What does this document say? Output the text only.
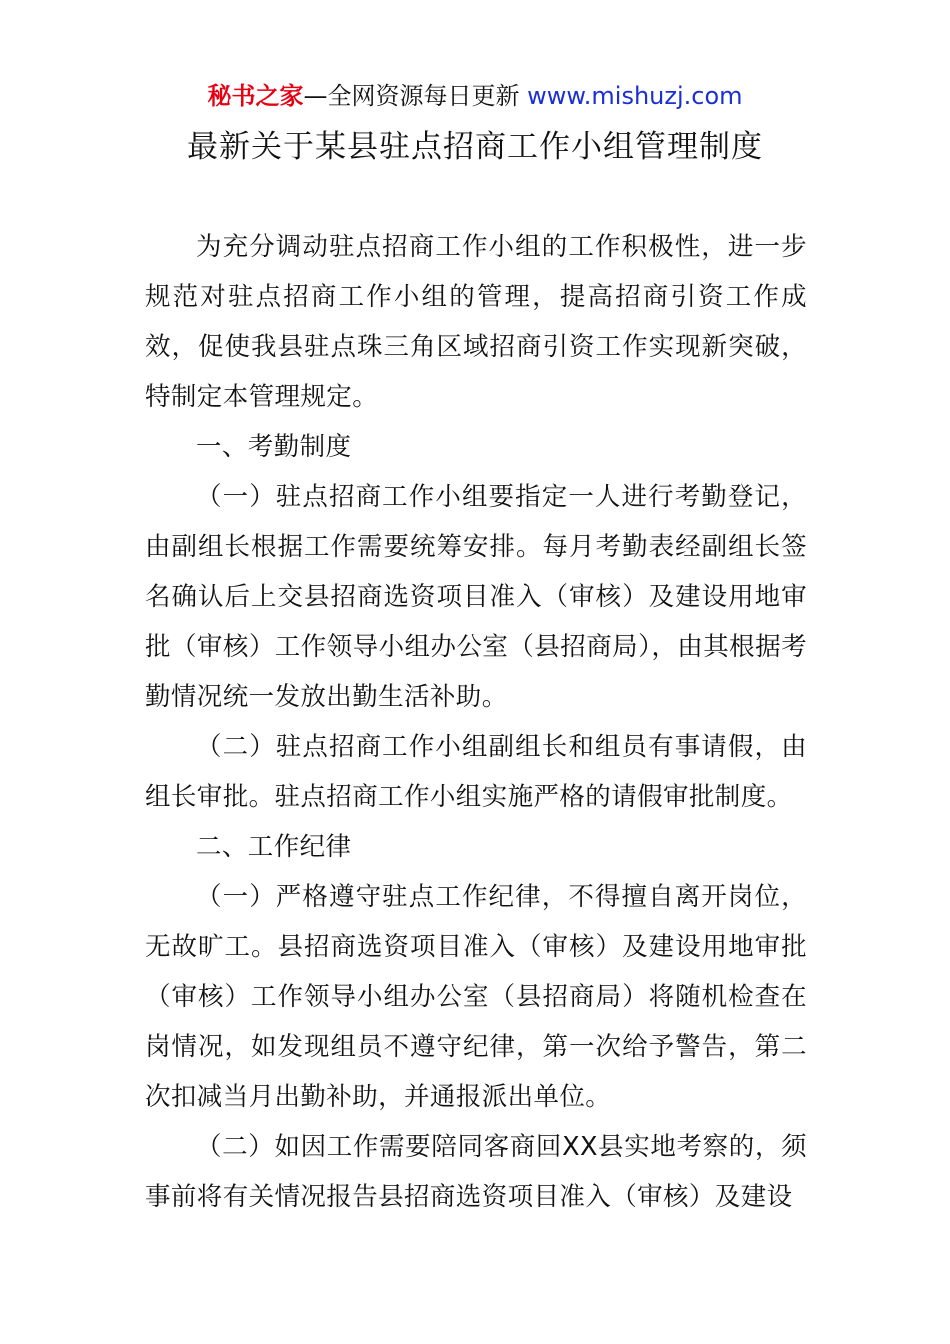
秘书之家—全网资源每日更新 www.mishuzj.com
最新关于某县驻点招商工作小组管理制度

为充分调动驻点招商工作小组的工作积极性，进一步规范对驻点招商工作小组的管理，提高招商引资工作成效，促使我县驻点珠三角区域招商引资工作实现新突破，特制定本管理规定。

一、考勤制度

（一）驻点招商工作小组要指定一人进行考勤登记，由副组长根据工作需要统筹安排。每月考勤表经副组长签名确认后上交县招商选资项目准入（审核）及建设用地审批（审核）工作领导小组办公室（县招商局），由其根据考勤情况统一发放出勤生活补助。

（二）驻点招商工作小组副组长和组员有事请假，由组长审批。驻点招商工作小组实施严格的请假审批制度。

二、工作纪律

（一）严格遵守驻点工作纪律，不得擅自离开岗位，无故旷工。县招商选资项目准入（审核）及建设用地审批（审核）工作领导小组办公室（县招商局）将随机检查在岗情况，如发现组员不遵守纪律，第一次给予警告，第二次扣减当月出勤补助，并通报派出单位。

（二）如因工作需要陪同客商回XX县实地考察的，须事前将有关情况报告县招商选资项目准入（审核）及建设
